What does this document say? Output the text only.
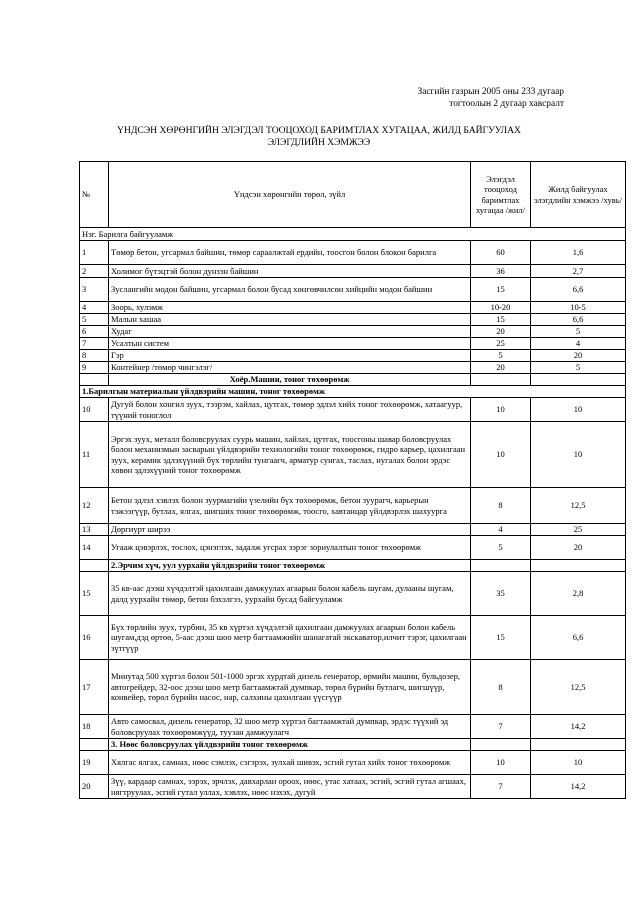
Засгийн газрын 2005 оны 233 дугаар
тогтоолын 2 дугаар хавсралт
ҮНДСЭН ХӨРӨНГИЙН ЭЛЭГДЭЛ ТООЦОХОД БАРИМТЛАХ ХУГАЦАА, ЖИЛД БАЙГУУЛАХ
ЭЛЭГДЛИЙН ХЭМЖЭЭ
№	Үндсэн хөрөнгийн төрөл, зүйл	Элэгдэл тооцоход баримтлах хугацаа /жил/	Жилд байгуулах элэгдлийн хэмжээ /хувь/
Нэг. Барилга байгууламж			
1	Төмөр бетон, угсармал байшин, төмөр сараалжтай ердийн, тоосгон болон блокон барилга	60	1,6
2	Холимог бүтэцтэй болон дунзэн байшин	36	2,7
3	Зуслангийн модон байшин, угсармал болон бусад хөнгөвчилсөн хийцийн модон байшин	15	6,6
4	Зоорь, хулэмж	10-20	10-5
5	Малын хашаа	15	6,6
6	Худаг	20	5
7	Усалтын систем	25	4
8	Гэр	5	20
9	Контейнер /төмөр чингэлэг/	20	5
	Хоёр.Машин, тоног төхөөрөмж		
1.Барилгын материалын үйлдвэрийн машин, тоног төхөөрөмж			
10	Дугуй болон хонгил зуух, тээрэм, хайлах, цутгах, төмөр эдлэл хийх тоног төхөөрөмж, хатаагуур, түүний тоноглол	10	10
11	Эргэх зуух, металл боловсруулах суурь машин, хайлах, цутгах, тоосгоны шавар боловсруулах болон механизмын засварын үйлдвэрийн технологийн тоног төхөөрөмж, гидро карьер, цахилгаан зуух, керамик эдлэхүүний бүх төрлийн тунгаагч, арматур сунгах, таслах, нугалах болон эрдэс хөвөн эдлэхүүний тоног төхөөрөмж	10	10
12	Бетон эдлэл хэвлэх болон зуурмагийн үзелийн бүх төхөөрөмж, бетон зуурагч, карьерын тэжээгүүр, бутлах, ялгах, шигших тоног төхөөрөмж, тоосго, хавтанцар үйлдвэрлэх шахуурга	8	12,5
13	Дөргиурт ширээ	4	25
14	Угааж цэвэрлэх, тослох, цэнэглэх, задалж угсрах зэрэг зориулалтын тоног төхөөрөмж	5	20
	2.Эрчим хүч, уул уурхайн үйлдвэрийн тоног төхөөрөмж		
15	35 кв-аас дээш хүчдэлтэй цахилгаан дамжуулах агаарын болон кабель шугам, дулааны шугам, далд уурхайн төмөр, бетон бэхэлгээ, уурхайн бусад байгууламж	35	2,8
16	Бүх төрлийн зуух, турбин, 35 кв хүртэл хүчдэлтэй цахилгаан дамжуулах агаарын болон кабель шугам,дэд өртөө, 5-аас дээш шоо метр багтаамжийн шанагатай экскаватор,илчит тэрэг, цахилгаан зүтгүүр	15	6,6
17	Минутад 500 хүртэл болон 501-1000 эргэх хурдтай дизель генератор, өрмийн машин, бульдозер, автогрейдер, 32-оос дээш шоо метр багтаамжтай думпкар, төрөл бүрийн бутлагч, шигшүүр, конвейер, төрөл бүрийн насос, нар, салхины цахилгаан үүсгүүр	8	12,5
18	Авто самосвал, дизель генератор, 32 шоо метр хүртэл багтаамжтай думпкар, эрдэс түүхий эд боловсруулах төхөөрөмжүүд, туузан дамжуулагч	7	14,2
	3. Нөөс боловсруулах үйлдвэрийн тоног төхөөрөмж		
19	Хялгас ялгах, самнах, нөөс сэмлэх, сэгэрэх, зулхай шивэх, эсгий гутал хийх тоног төхөөрөмж	10	10
20	Зүү, кардаар самнах, ээрэх, эрчлэх, давхарлан ороох, нөөс, утас хатаах, эсгий, эсгий гутал агшаах, нягтруулах, эсгий гутал уллах, хэвлэх, нөөс нэхэх, дугуй	7	14,2
